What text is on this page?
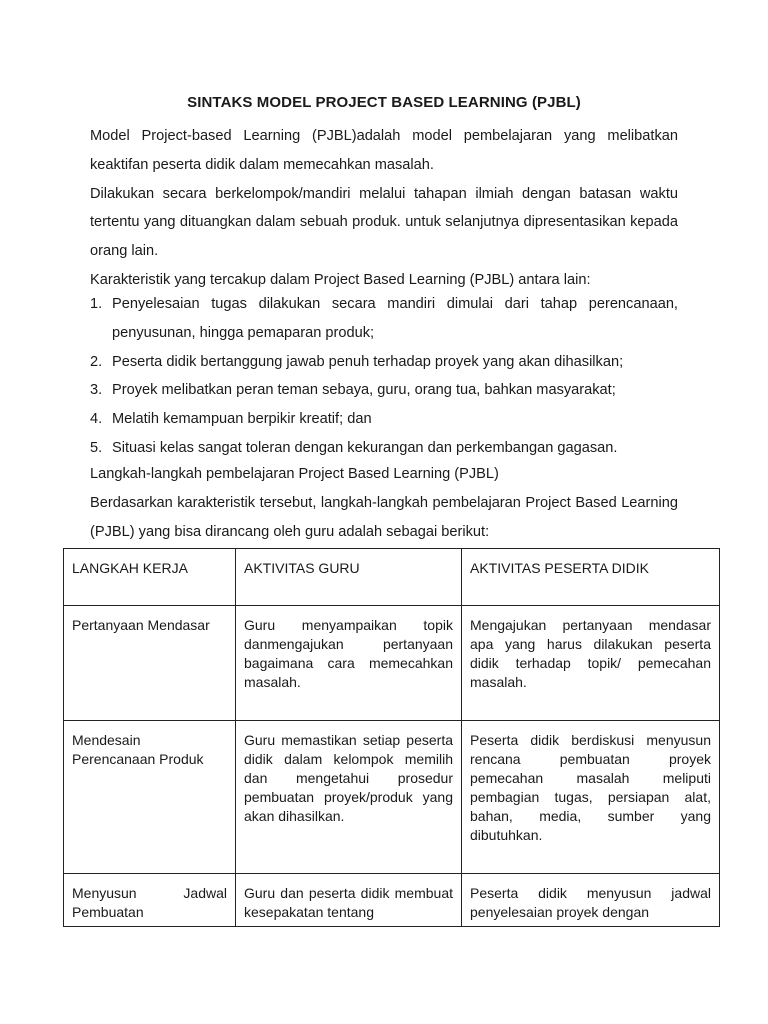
SINTAKS MODEL PROJECT BASED LEARNING (PJBL)

Model Project-based Learning (PJBL)adalah model pembelajaran yang melibatkan keaktifan peserta didik dalam memecahkan masalah.

Dilakukan secara berkelompok/mandiri melalui tahapan ilmiah dengan batasan waktu tertentu yang dituangkan dalam sebuah produk. untuk selanjutnya dipresentasikan kepada orang lain.

Karakteristik yang tercakup dalam Project Based Learning (PJBL) antara lain:

1. Penyelesaian tugas dilakukan secara mandiri dimulai dari tahap perencanaan, penyusunan, hingga pemaparan produk;
2. Peserta didik bertanggung jawab penuh terhadap proyek yang akan dihasilkan;
3. Proyek melibatkan peran teman sebaya, guru, orang tua, bahkan masyarakat;
4. Melatih kemampuan berpikir kreatif; dan
5. Situasi kelas sangat toleran dengan kekurangan dan perkembangan gagasan.

Langkah-langkah pembelajaran Project Based Learning (PJBL)

Berdasarkan karakteristik tersebut, langkah-langkah pembelajaran Project Based Learning (PJBL) yang bisa dirancang oleh guru adalah sebagai berikut:

LANGKAH KERJA	AKTIVITAS GURU	AKTIVITAS PESERTA DIDIK
Pertanyaan Mendasar	Guru menyampaikan topik danmengajukan pertanyaan bagaimana cara memecahkan masalah.	Mengajukan pertanyaan mendasar apa yang harus dilakukan peserta didik terhadap topik/ pemecahan masalah.
Mendesain Perencanaan Produk	Guru memastikan setiap peserta didik dalam kelompok memilih dan mengetahui prosedur pembuatan proyek/produk yang akan dihasilkan.	Peserta didik berdiskusi menyusun rencana pembuatan proyek pemecahan masalah meliputi pembagian tugas, persiapan alat, bahan, media, sumber yang dibutuhkan.
Menyusun Jadwal Pembuatan	Guru dan peserta didik membuat kesepakatan tentang	Peserta didik menyusun jadwal penyelesaian proyek dengan
